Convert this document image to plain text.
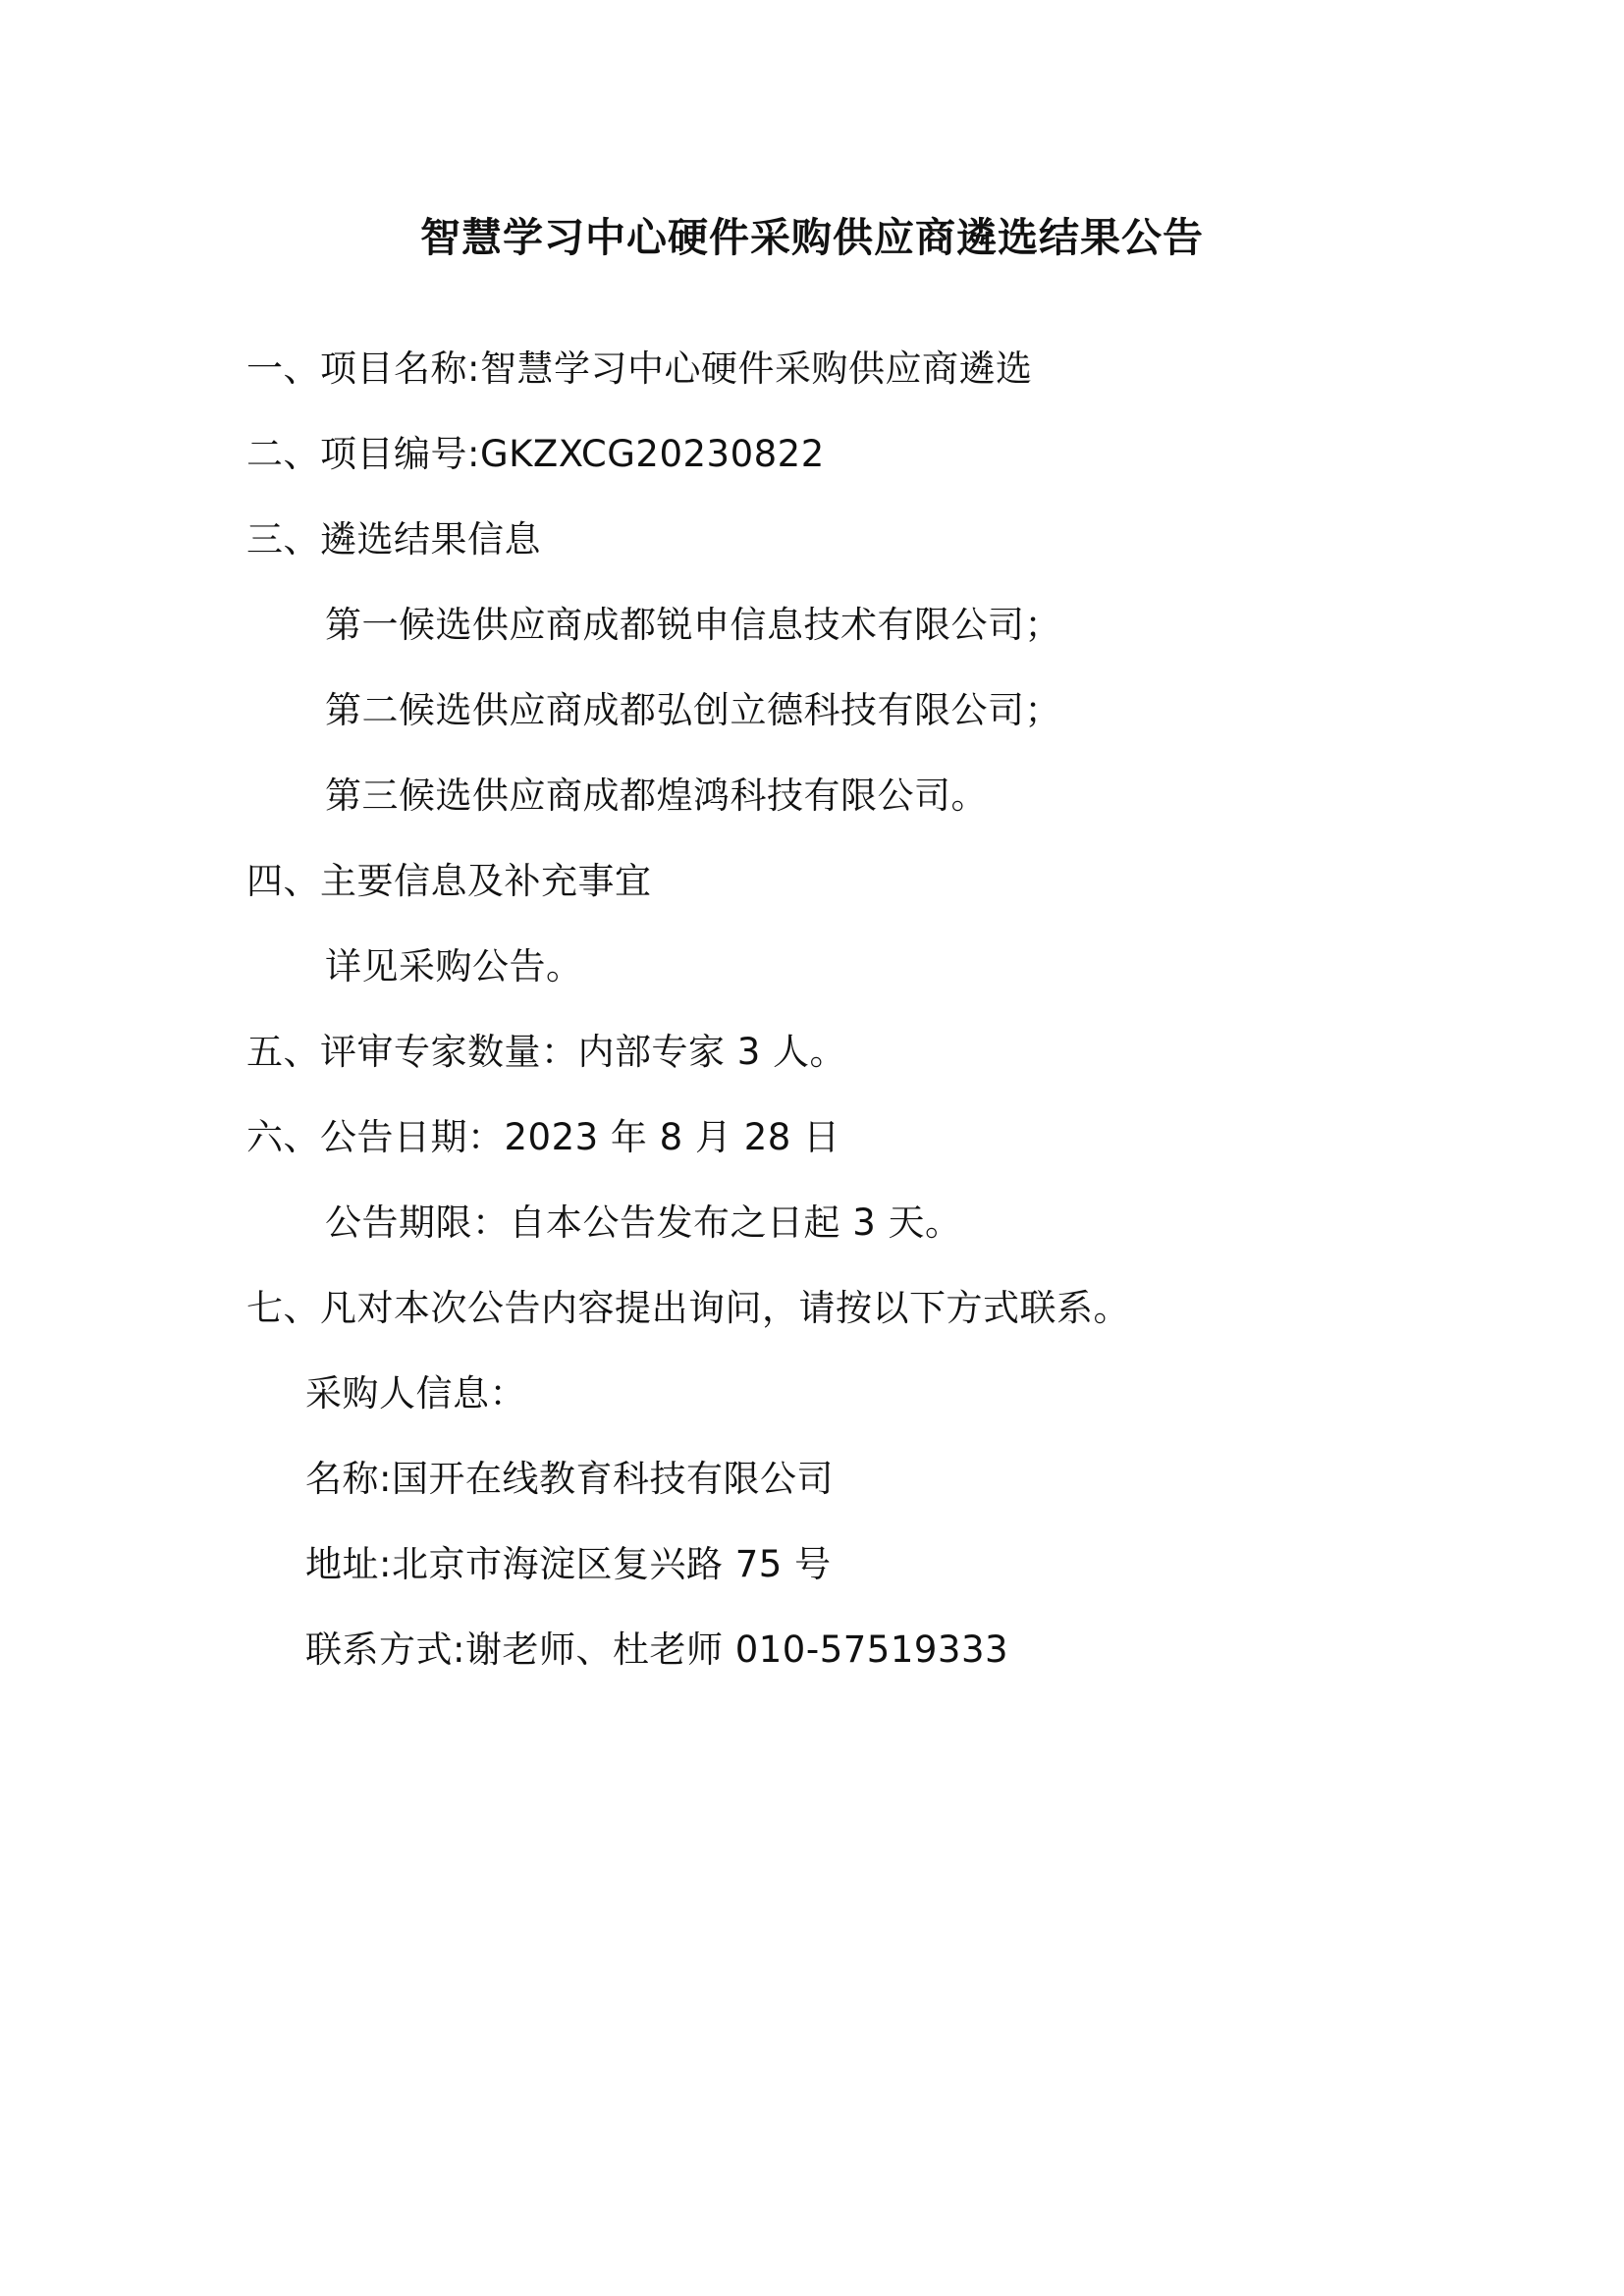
智慧学习中心硬件采购供应商遴选结果公告
一、项目名称:智慧学习中心硬件采购供应商遴选
二、项目编号:GKZXCG20230822
三、遴选结果信息
第一候选供应商成都锐申信息技术有限公司；
第二候选供应商成都弘创立德科技有限公司；
第三候选供应商成都煌鸿科技有限公司。
四、主要信息及补充事宜
详见采购公告。
五、评审专家数量：内部专家 3 人。
六、公告日期：2023 年 8 月 28 日
公告期限：自本公告发布之日起 3 天。
七、凡对本次公告内容提出询问，请按以下方式联系。
采购人信息：
名称:国开在线教育科技有限公司
地址:北京市海淀区复兴路 75 号
联系方式:谢老师、杜老师 010-57519333
